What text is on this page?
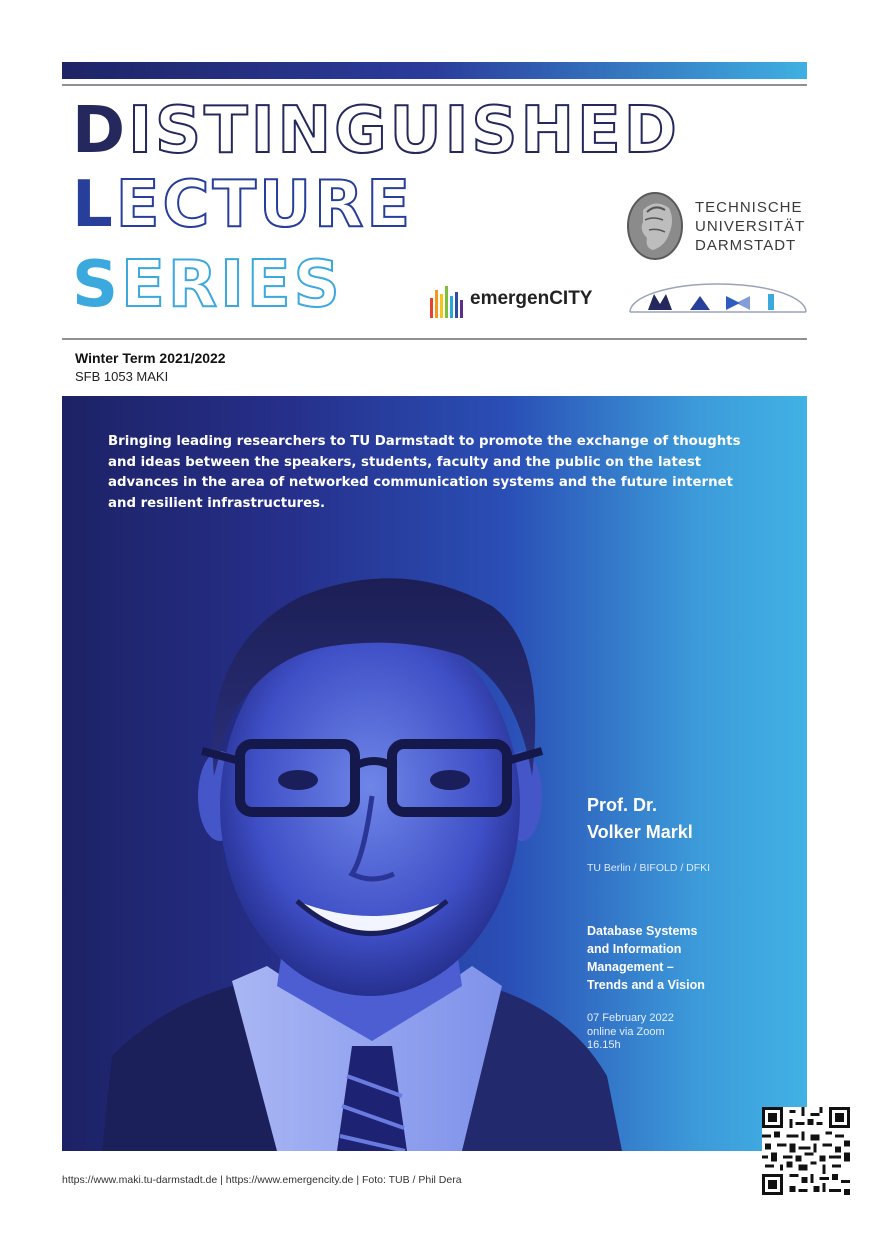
DISTINGUISHED
LECTURE
SERIES
TECHNISCHE
UNIVERSITÄT
DARMSTADT
emergenCITY
Winter Term 2021/2022
SFB 1053 MAKI
Bringing leading researchers to TU Darmstadt to promote the exchange of thoughts and ideas between the speakers, students, faculty and the public on the latest advances in the area of networked communication systems and the future internet and resilient infrastructures.
Prof. Dr.
Volker Markl
TU Berlin / BIFOLD / DFKI
Database Systems
and Information
Management –
Trends and a Vision
07 February 2022
online via Zoom
16.15h
https://www.maki.tu-darmstadt.de | https://www.emergencity.de | Foto: TUB / Phil Dera
